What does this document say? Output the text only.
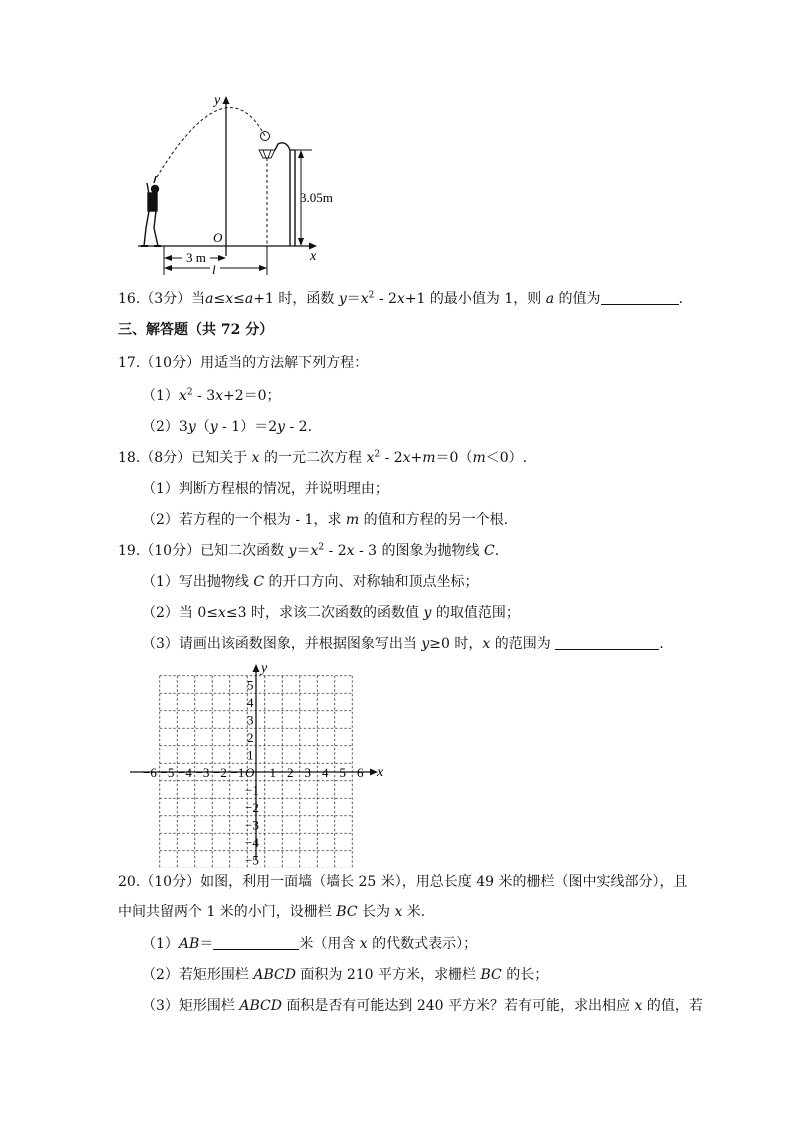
x
y
O
3.05m
3 m
l
16.（3分）当a≤x≤a+1 时，函数 $y=x^2 - 2x+1$ 的最小值为 1，则 a 的值为	.
三、解答题（共 72 分）
17.（10分）用适当的方法解下列方程：
$(1)x^2 - 3x+2=0$；
（2）3y（y - 1）＝2y - 2.
18.（8分）已知关于 x 的一元二次方程 $x^2 - 2x+m=0(m<0)$.
（1）判断方程根的情况，并说明理由；
（2）若方程的一个根为 - 1，求 m 的值和方程的另一个根.
19.（10分）已知二次函数 $y=x^2 - 2x - 3$ 的图象为抛物线 C.
（1）写出抛物线 C 的开口方向、对称轴和顶点坐标；
（2）当 0≤x≤3 时，求该二次函数的函数值 y 的取值范围；
（3）请画出该函数图象，并根据图象写出当 y≥0 时，x 的范围为	.
x
y
−6 −5 −4 −3 −2 −1 O 1 2 3 4 5 6
5
4
3
2
1
−1
−2
−3
−4
−5
20.（10分）如图，利用一面墙（墙长 25 米），用总长度 49 米的栅栏（图中实线部分），且
中间共留两个 1 米的小门，设栅栏 BC 长为 x 米.
（1）AB＝	米（用含 x 的代数式表示）；
（2）若矩形围栏 ABCD 面积为 210 平方米，求栅栏 BC 的长；
（3）矩形围栏 ABCD 面积是否有可能达到 240 平方米？若有可能，求出相应 x 的值，若
